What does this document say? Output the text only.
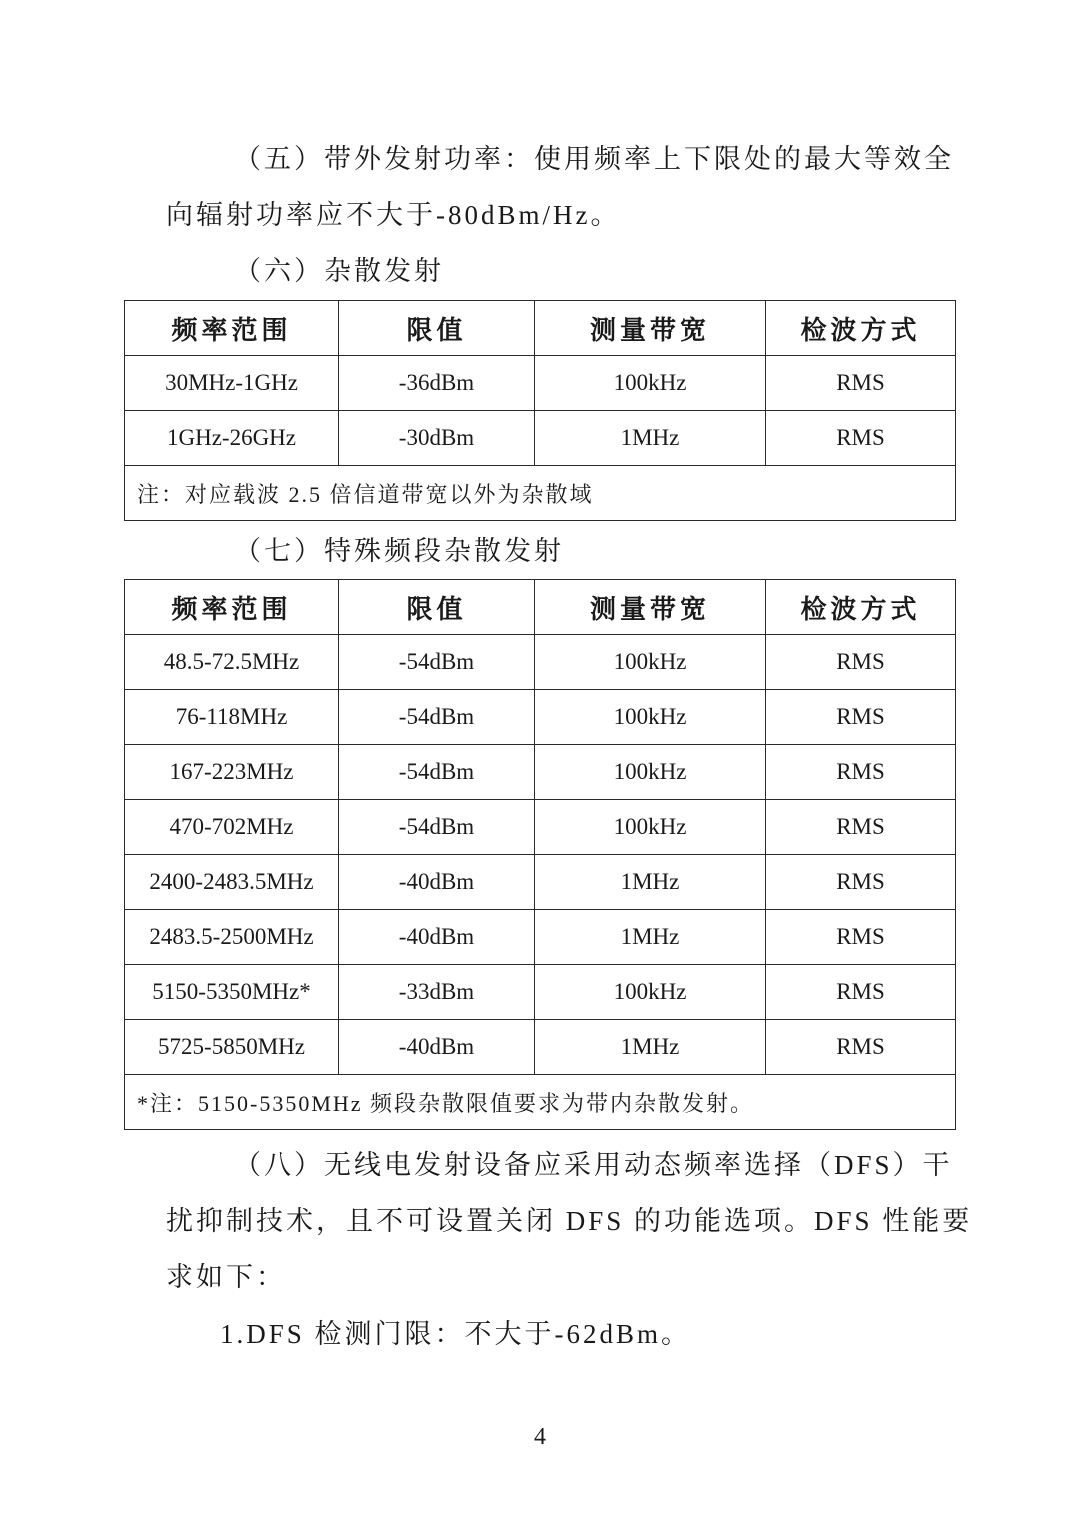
（五）带外发射功率：使用频率上下限处的最大等效全
向辐射功率应不大于-80dBm/Hz。
（六）杂散发射
频率范围	限值	测量带宽	检波方式
30MHz-1GHz	-36dBm	100kHz	RMS
1GHz-26GHz	-30dBm	1MHz	RMS
注：对应载波 2.5 倍信道带宽以外为杂散域			
（七）特殊频段杂散发射
频率范围	限值	测量带宽	检波方式
48.5-72.5MHz	-54dBm	100kHz	RMS
76-118MHz	-54dBm	100kHz	RMS
167-223MHz	-54dBm	100kHz	RMS
470-702MHz	-54dBm	100kHz	RMS
2400-2483.5MHz	-40dBm	1MHz	RMS
2483.5-2500MHz	-40dBm	1MHz	RMS
5150-5350MHz*	-33dBm	100kHz	RMS
5725-5850MHz	-40dBm	1MHz	RMS
*注：5150-5350MHz 频段杂散限值要求为带内杂散发射。			
（八）无线电发射设备应采用动态频率选择（DFS）干
扰抑制技术，且不可设置关闭 DFS 的功能选项。DFS 性能要
求如下：
1.DFS 检测门限：不大于-62dBm。
4
